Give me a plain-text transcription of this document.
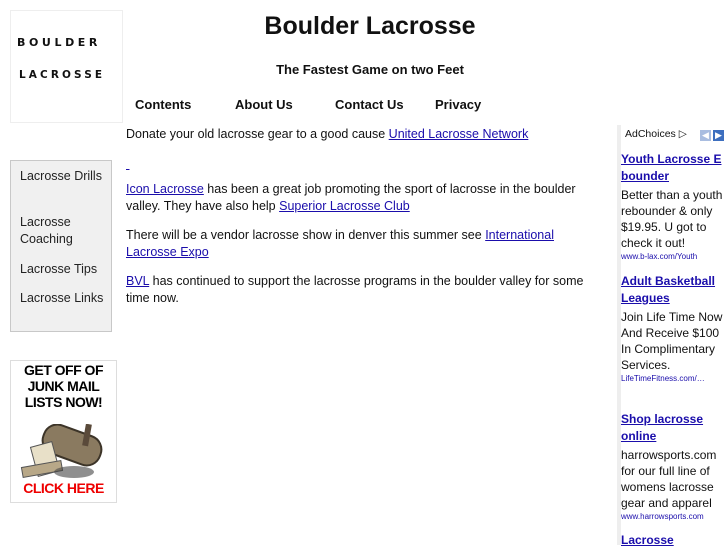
BOULDER
LACROSSE
Boulder Lacrosse
The Fastest Game on two Feet
Contents	About Us	Contact Us Privacy

Donate your old lacrosse gear to a good cause United Lacrosse Network

Icon Lacrosse has been a great job promoting the sport of lacrosse in the boulder valley. They have also help Superior Lacrosse Club

There will be a vendor lacrosse show in denver this summer see International Lacrosse Expo

BVL has continued to support the lacrosse programs in the boulder valley for some time now.

Lacrosse Drills
Lacrosse Coaching
Lacrosse Tips
Lacrosse Links
GET OFF OF JUNK MAIL LISTS NOW!
CLICK HERE
AdChoices ▷	◀ ▶
Youth Lacrosse E bounder
Better than a youth rebounder & only $19.95. U got to check it out!
www.b-lax.com/Youth
Adult Basketball Leagues
Join Life Time Now And Receive $100 In Complimentary Services.
LifeTimeFitness.com/…
Shop lacrosse online
harrowsports.com for our full line of womens lacrosse gear and apparel
www.harrowsports.com
Lacrosse
